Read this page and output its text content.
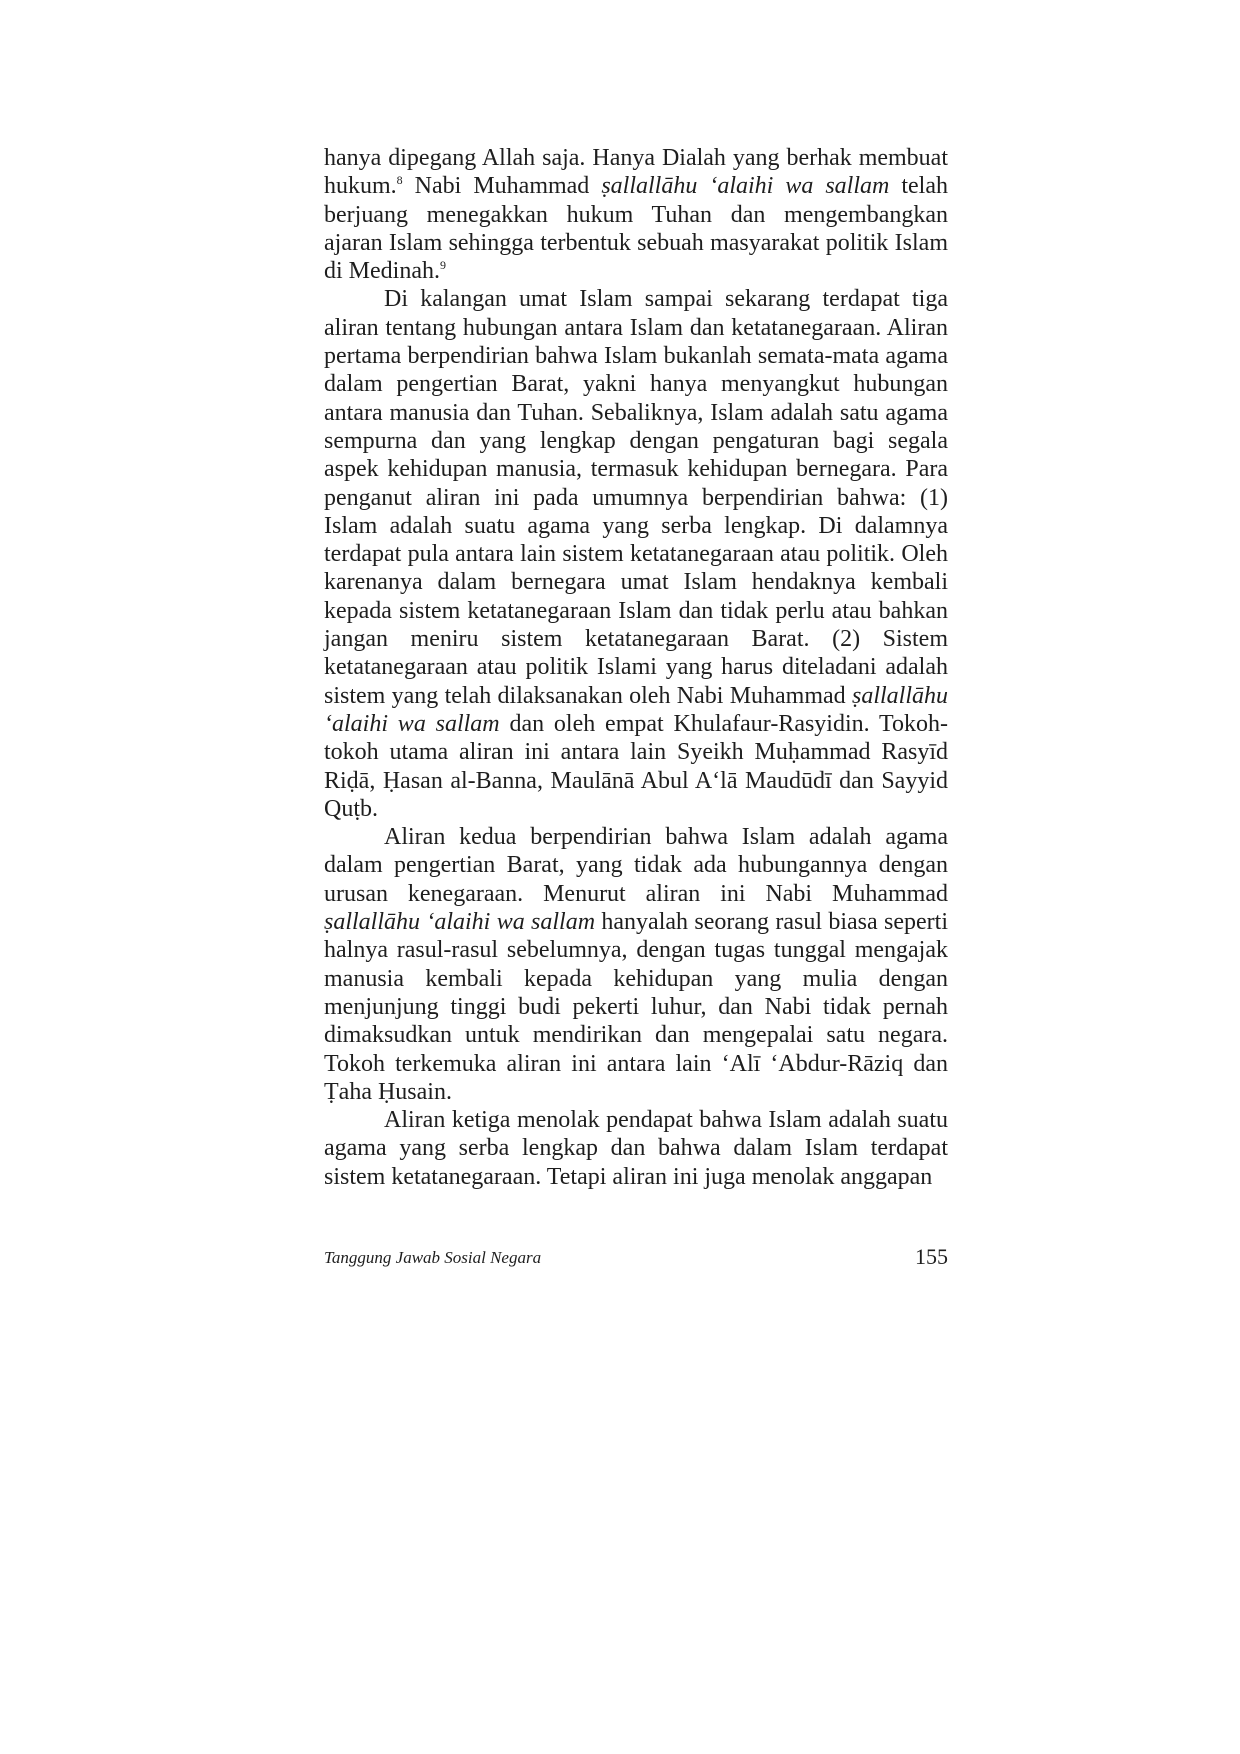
hanya dipegang Allah saja. Hanya Dialah yang berhak membuat hukum.$^8$ Nabi Muhammad ṣallallāhu ‘alaihi wa sallam telah berjuang menegakkan hukum Tuhan dan mengembangkan ajaran Islam sehingga terbentuk sebuah masyarakat politik Islam di Medinah.$^9$

Di kalangan umat Islam sampai sekarang terdapat tiga aliran tentang hubungan antara Islam dan ketatanegaraan. Aliran pertama berpendirian bahwa Islam bukanlah semata-mata agama dalam pengertian Barat, yakni hanya menyangkut hubungan antara manusia dan Tuhan. Sebaliknya, Islam adalah satu agama sempurna dan yang lengkap dengan pengaturan bagi segala aspek kehidupan manusia, termasuk kehidupan bernegara. Para penganut aliran ini pada umumnya berpendirian bahwa: (1) Islam adalah suatu agama yang serba lengkap. Di dalamnya terdapat pula antara lain sistem ketatanegaraan atau politik. Oleh karenanya dalam bernegara umat Islam hendaknya kembali kepada sistem ketatanegaraan Islam dan tidak perlu atau bahkan jangan meniru sistem ketatanegaraan Barat. (2) Sistem ketatanegaraan atau politik Islami yang harus diteladani adalah sistem yang telah dilaksanakan oleh Nabi Muhammad ṣallallāhu ‘alaihi wa sallam dan oleh empat Khulafaur-Rasyidin. Tokoh-tokoh utama aliran ini antara lain Syeikh Muḥammad Rasyīd Riḍā, Ḥasan al-Banna, Maulānā Abul A‘lā Maudūdī dan Sayyid Quṭb.

Aliran kedua berpendirian bahwa Islam adalah agama dalam pengertian Barat, yang tidak ada hubungannya dengan urusan kenegaraan. Menurut aliran ini Nabi Muhammad ṣallallāhu ‘alaihi wa sallam hanyalah seorang rasul biasa seperti halnya rasul-rasul sebelumnya, dengan tugas tunggal mengajak manusia kembali kepada kehidupan yang mulia dengan menjunjung tinggi budi pekerti luhur, dan Nabi tidak pernah dimaksudkan untuk mendirikan dan mengepalai satu negara. Tokoh terkemuka aliran ini antara lain ‘Alī ‘Abdur-Rāziq dan Ṭaha Ḥusain.

Aliran ketiga menolak pendapat bahwa Islam adalah suatu agama yang serba lengkap dan bahwa dalam Islam terdapat sistem ketatanegaraan. Tetapi aliran ini juga menolak anggapan

Tanggung Jawab Sosial Negara	155
